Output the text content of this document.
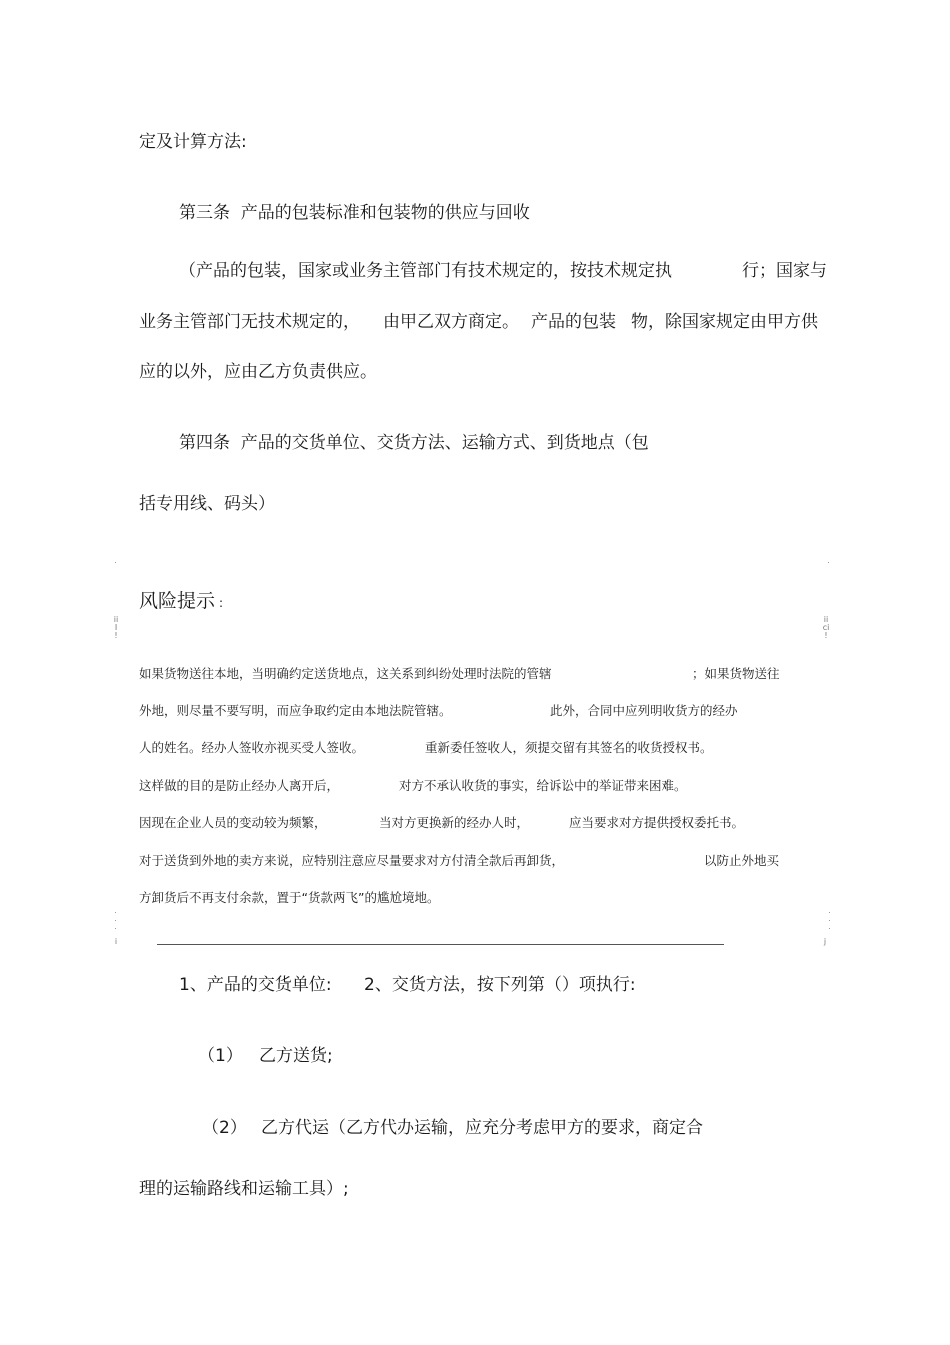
定及计算方法:
第三条  产品的包装标准和包装物的供应与回收
（产品的包装，国家或业务主管部门有技术规定的，按技术规定执	行；国家与
业务主管部门无技术规定的， 由甲乙双方商定。 产品的包装 物，除国家规定由甲方供
应的以外，应由乙方负责供应。
第四条  产品的交货单位、交货方法、运输方式、到货地点（包
括专用线、码头）
风险提示 :
ii
I
!
ii
ci
!
如果货物送往本地，当明确约定送货地点，这关系到纠纷处理时法院的管辖	；如果货物送往
外地，则尽量不要写明，而应争取约定由本地法院管辖。	此外，合同中应列明收货方的经办
人的姓名。经办人签收亦视买受人签收。	重新委任签收人，须提交留有其签名的收货授权书。
这样做的目的是防止经办人离开后，	对方不承认收货的事实，给诉讼中的举证带来困难。
因现在企业人员的变动较为频繁，	当对方更换新的经办人时，	应当要求对方提供授权委托书。
对于送货到外地的卖方来说，应特别注意应尽量要求对方付清全款后再卸货，	以防止外地买
方卸货后不再支付余款，置于“货款两飞”的尴尬境地。
i	j
1、产品的交货单位: 2、交货方法，按下列第（）项执行:
（1） 乙方送货;
（2） 乙方代运（乙方代办运输，应充分考虑甲方的要求，商定合
理的运输路线和运输工具）;
